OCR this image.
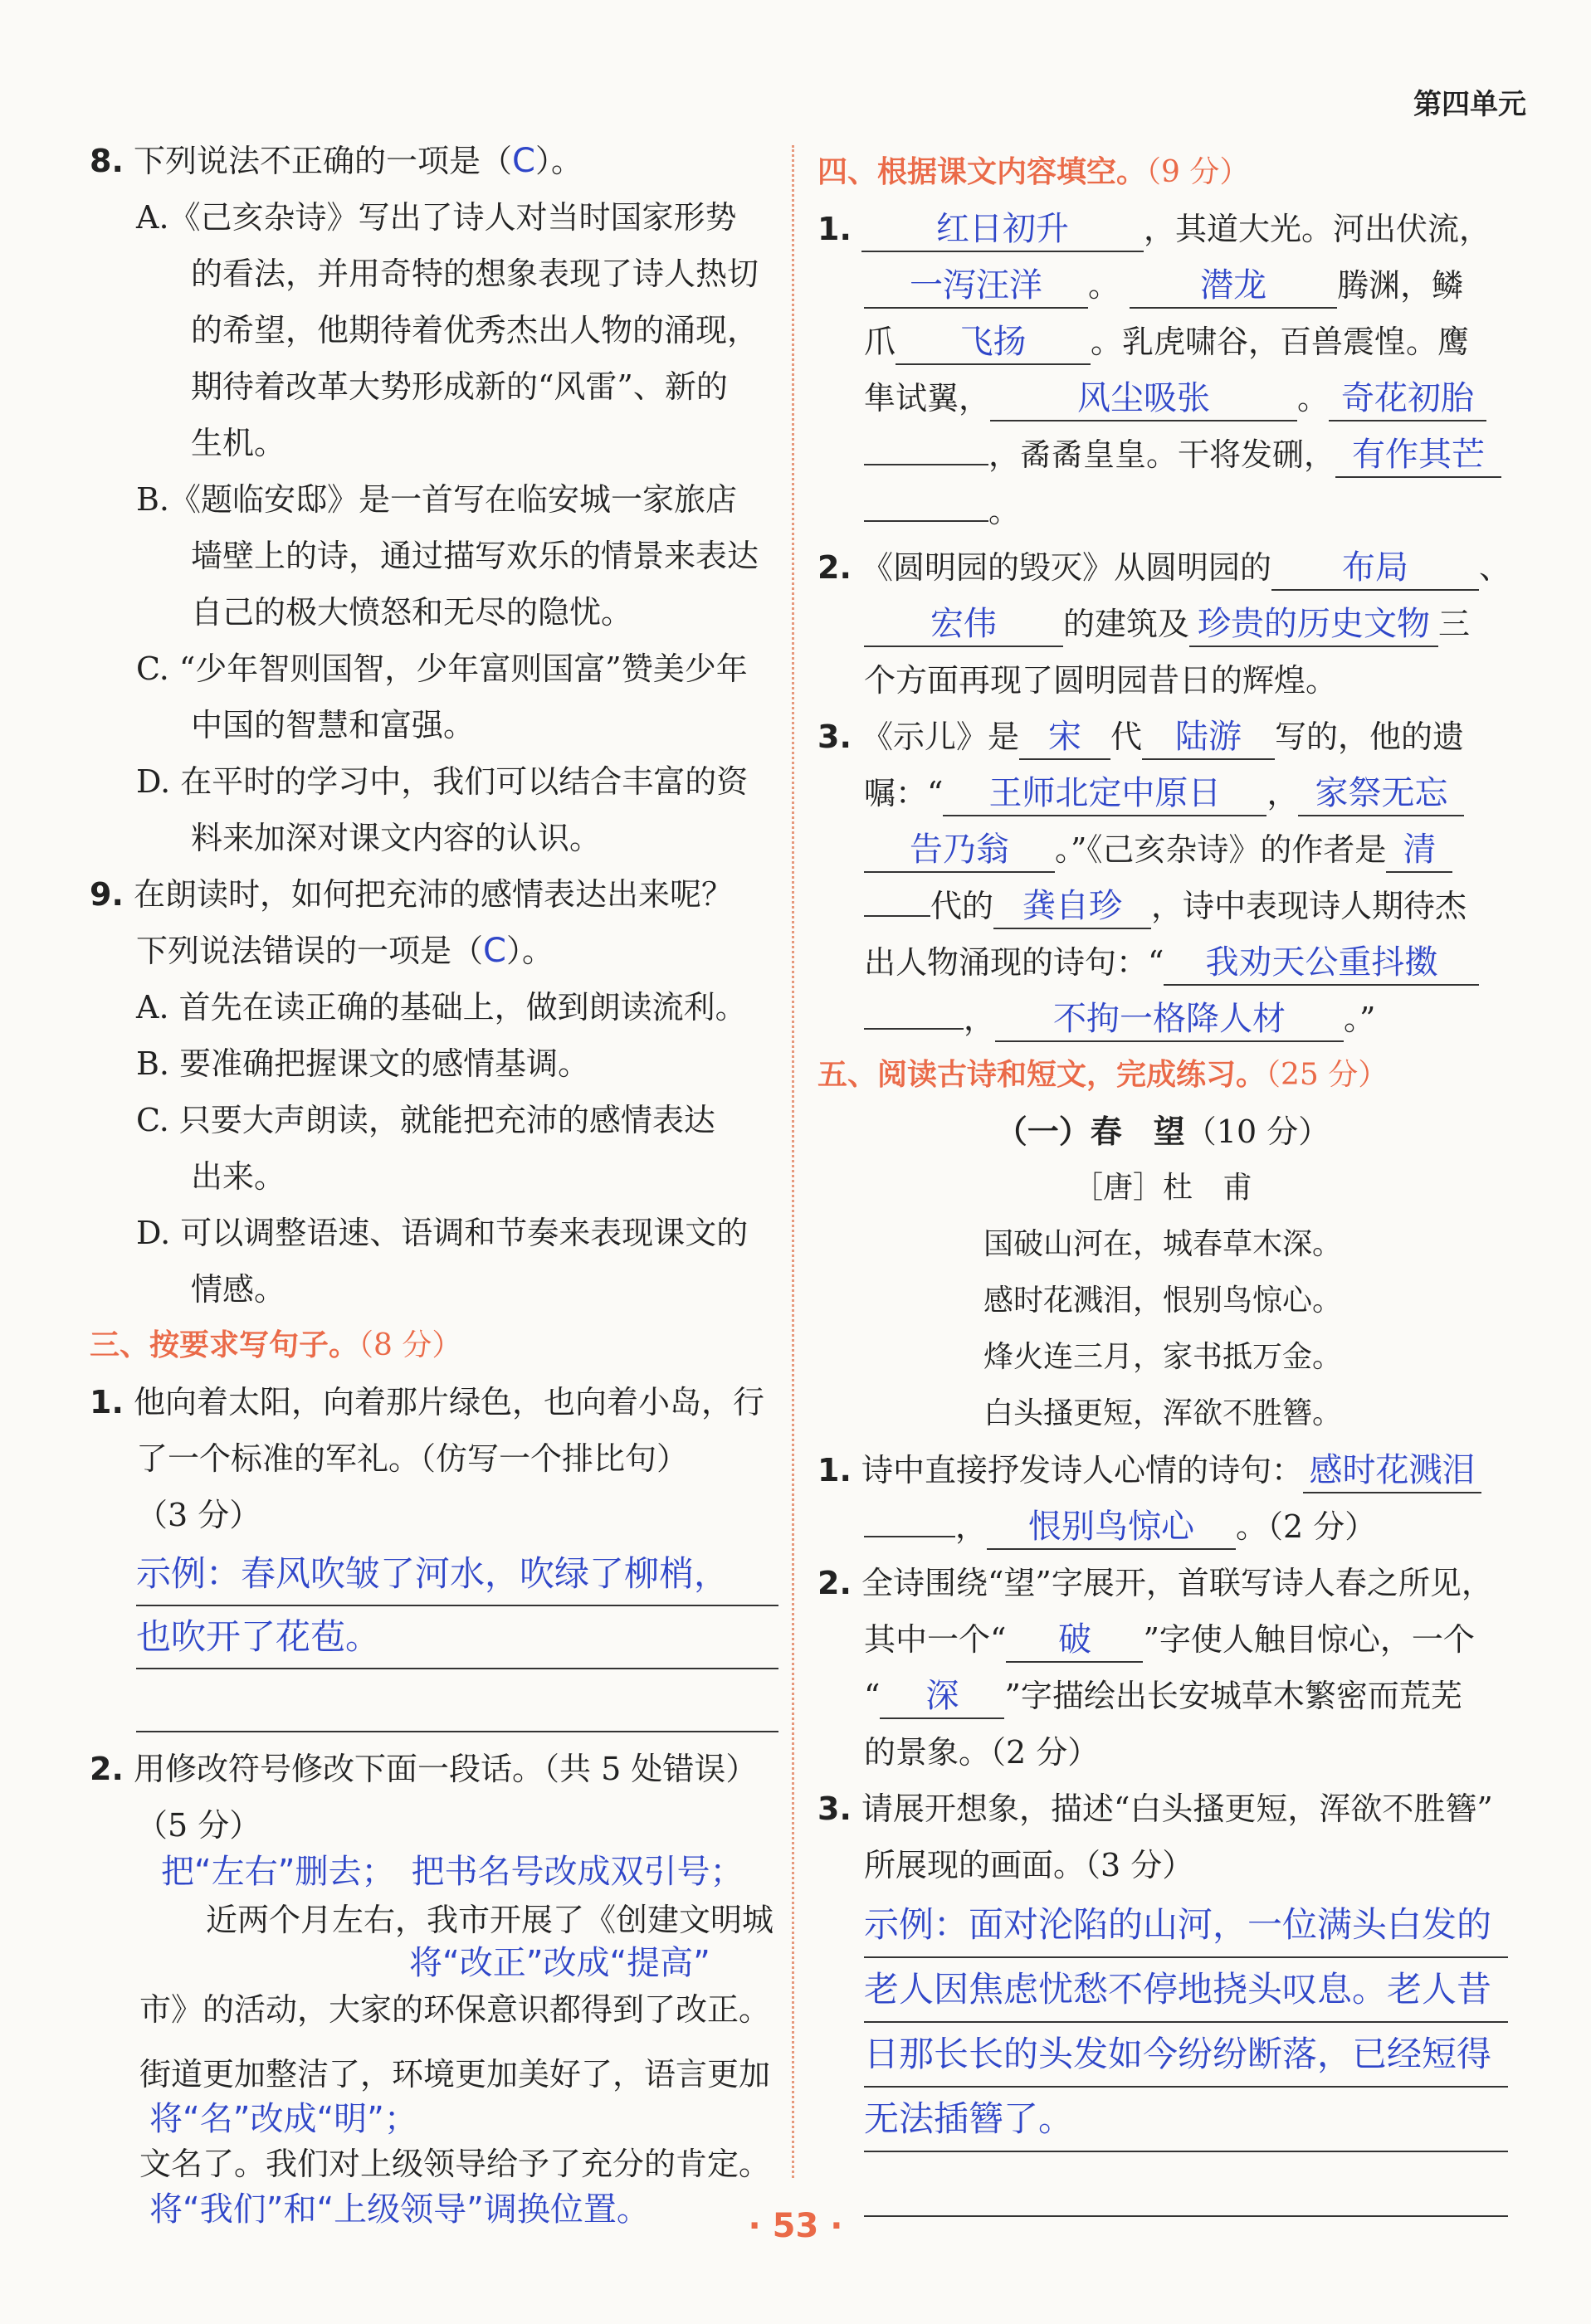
第四单元
8. 下列说法不正确的一项是（C）。
A.《己亥杂诗》写出了诗人对当时国家形势
的看法，并用奇特的想象表现了诗人热切
的希望，他期待着优秀杰出人物的涌现，
期待着改革大势形成新的“风雷”、新的
生机。
B.《题临安邸》是一首写在临安城一家旅店
墙壁上的诗，通过描写欢乐的情景来表达
自己的极大愤怒和无尽的隐忧。
C. “少年智则国智，少年富则国富”赞美少年
中国的智慧和富强。
D. 在平时的学习中，我们可以结合丰富的资
料来加深对课文内容的认识。
9. 在朗读时，如何把充沛的感情表达出来呢？
下列说法错误的一项是（C）。
A. 首先在读正确的基础上，做到朗读流利。
B. 要准确把握课文的感情基调。
C. 只要大声朗读，就能把充沛的感情表达
出来。
D. 可以调整语速、语调和节奏来表现课文的
情感。
三、按要求写句子。（8 分）
1. 他向着太阳，向着那片绿色，也向着小岛，行
了一个标准的军礼。（仿写一个排比句）
（3 分）
示例：春风吹皱了河水，吹绿了柳梢，
也吹开了花苞。
2. 用修改符号修改下面一段话。（共 5 处错误）
（5 分）
把“左右”删去；　把书名号改成双引号；
近两个月左右，我市开展了《创建文明城
将“改正”改成“提高”
市》的活动，大家的环保意识都得到了改正。
街道更加整洁了，环境更加美好了，语言更加
将“名”改成“明”；
文名了。我们对上级领导给予了充分的肯定。
将“我们”和“上级领导”调换位置。
四、根据课文内容填空。（9 分）
1.	红日初升 ，其道大光。河出伏流，
一泻汪洋 。 潜龙 腾渊，鳞
爪 飞扬 。乳虎啸谷，百兽震惶。鹰
隼试翼，	风尘吸张	。 奇花初胎
，矞矞皇皇。干将发硎， 有作其芒
。
2. 《圆明园的毁灭》从圆明园的 布局 、
宏伟 的建筑及 珍贵的历史文物 三
个方面再现了圆明园昔日的辉煌。
3. 《示儿》是 宋 代 陆游 写的，他的遗
嘱：“ 王师北定中原日 ， 家祭无忘
告乃翁 。”《己亥杂诗》的作者是 清
代的 龚自珍 ，诗中表现诗人期待杰
出人物涌现的诗句：“ 我劝天公重抖擞
， 不拘一格降人材 。”
五、阅读古诗和短文，完成练习。（25 分）
（一）春　望（10 分）
［唐］杜　甫
国破山河在，城春草木深。
感时花溅泪，恨别鸟惊心。
烽火连三月，家书抵万金。
白头搔更短，浑欲不胜簪。
1. 诗中直接抒发诗人心情的诗句： 感时花溅泪
， 恨别鸟惊心 。（2 分）
2. 全诗围绕“望”字展开，首联写诗人春之所见，
其中一个“ 破 ”字使人触目惊心，一个
“ 深 ”字描绘出长安城草木繁密而荒芜
的景象。（2 分）
3. 请展开想象，描述“白头搔更短，浑欲不胜簪”
所展现的画面。（3 分）
示例：面对沦陷的山河，一位满头白发的
老人因焦虑忧愁不停地挠头叹息。老人昔
日那长长的头发如今纷纷断落，已经短得
无法插簪了。
· 53 ·
